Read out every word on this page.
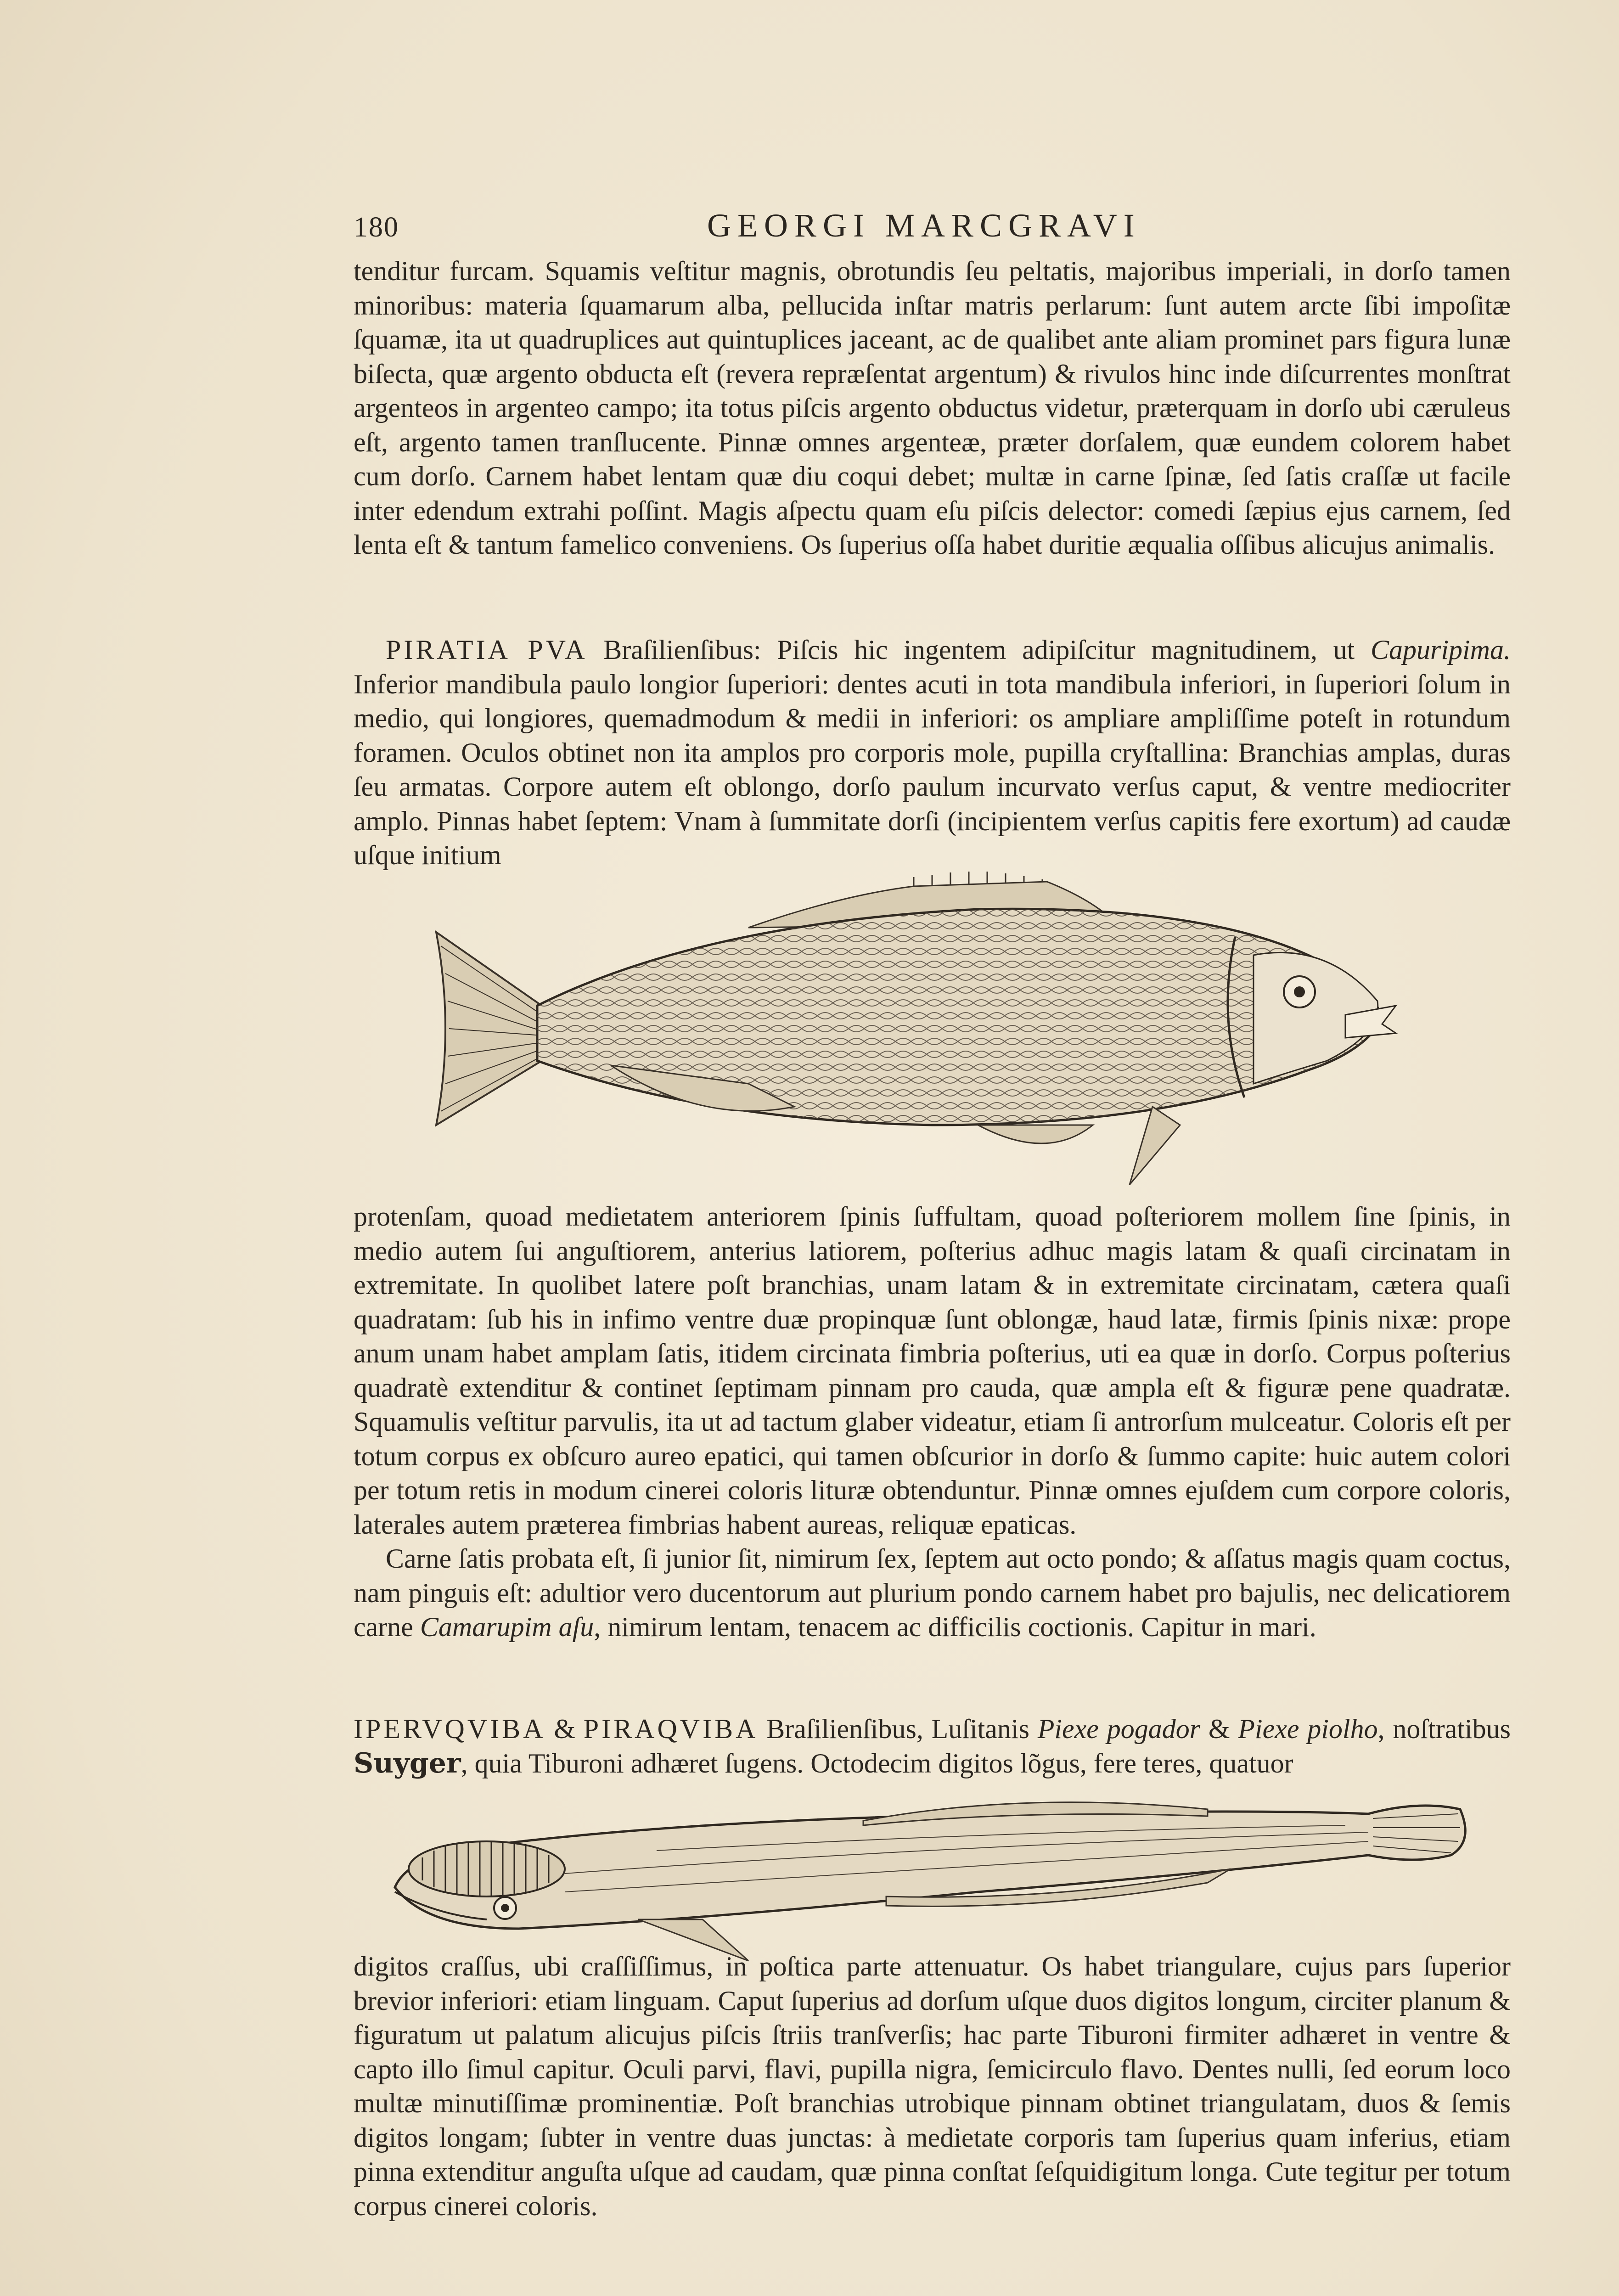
180	GEORGI MARCGRAVI

tenditur furcam. Squamis veſtitur magnis, obrotundis ſeu peltatis, majoribus imperiali, in dorſo tamen minoribus: materia ſquamarum alba, pellucida inſtar matris perlarum: ſunt autem arcte ſibi impoſitæ ſquamæ, ita ut quadruplices aut quintuplices jaceant, ac de qualibet ante aliam prominet pars figura lunæ biſecta, quæ argento obducta eſt (revera repræſentat argentum) & rivulos hinc inde diſcurrentes monſtrat argenteos in argenteo campo; ita totus piſcis argento obductus videtur, præterquam in dorſo ubi cæruleus eſt, argento tamen tranſlucente. Pinnæ omnes argenteæ, præter dorſalem, quæ eundem colorem habet cum dorſo. Carnem habet lentam quæ diu coqui debet; multæ in carne ſpinæ, ſed ſatis craſſæ ut facile inter edendum extrahi poſſint. Magis aſpectu quam eſu piſcis delector: comedi ſæpius ejus carnem, ſed lenta eſt & tantum famelico conveniens. Os ſuperius oſſa habet duritie æqualia oſſibus alicujus animalis.

PIRATIA PVA Braſilienſibus: Piſcis hic ingentem adipiſcitur magnitudinem, ut Capuripima. Inferior mandibula paulo longior ſuperiori: dentes acuti in tota mandibula inferiori, in ſuperiori ſolum in medio, qui longiores, quemadmodum & medii in inferiori: os ampliare ampliſſime poteſt in rotundum foramen. Oculos obtinet non ita amplos pro corporis mole, pupilla cryſtallina: Branchias amplas, duras ſeu armatas. Corpore autem eſt oblongo, dorſo paulum incurvato verſus caput, & ventre mediocriter amplo. Pinnas habet ſeptem: Vnam à ſummitate dorſi (incipientem verſus capitis fere exortum) ad caudæ uſque initium

protenſam, quoad medietatem anteriorem ſpinis ſuffultam, quoad poſteriorem mollem ſine ſpinis, in medio autem ſui anguſtiorem, anterius latiorem, poſterius adhuc magis latam & quaſi circinatam in extremitate. In quolibet latere poſt branchias, unam latam & in extremitate circinatam, cætera quaſi quadratam: ſub his in infimo ventre duæ propinquæ ſunt oblongæ, haud latæ, firmis ſpinis nixæ: prope anum unam habet amplam ſatis, itidem circinata fimbria poſterius, uti ea quæ in dorſo. Corpus poſterius quadratè extenditur & continet ſeptimam pinnam pro cauda, quæ ampla eſt & figuræ pene quadratæ. Squamulis veſtitur parvulis, ita ut ad tactum glaber videatur, etiam ſi antrorſum mulceatur. Coloris eſt per totum corpus ex obſcuro aureo epatici, qui tamen obſcurior in dorſo & ſummo capite: huic autem colori per totum retis in modum cinerei coloris lituræ obtenduntur. Pinnæ omnes ejuſdem cum corpore coloris, laterales autem præterea fimbrias habent aureas, reliquæ epaticas.

Carne ſatis probata eſt, ſi junior ſit, nimirum ſex, ſeptem aut octo pondo; & aſſatus magis quam coctus, nam pinguis eſt: adultior vero ducentorum aut plurium pondo carnem habet pro bajulis, nec delicatiorem carne Camarupim aſu, nimirum lentam, tenacem ac difficilis coctionis. Capitur in mari.

IPERVQVIBA & PIRAQVIBA Braſilienſibus, Luſitanis Piexe pogador & Piexe piolho, noſtratibus Suyger, quia Tiburoni adhæret ſugens. Octodecim digitos lõgus, fere teres, quatuor

digitos craſſus, ubi craſſiſſimus, in poſtica parte attenuatur. Os habet triangulare, cujus pars ſuperior brevior inferiori: etiam linguam. Caput ſuperius ad dorſum uſque duos digitos longum, circiter planum & figuratum ut palatum alicujus piſcis ſtriis tranſverſis; hac parte Tiburoni firmiter adhæret in ventre & capto illo ſimul capitur. Oculi parvi, flavi, pupilla nigra, ſemicirculo flavo. Dentes nulli, ſed eorum loco multæ minutiſſimæ prominentiæ. Poſt branchias utrobique pinnam obtinet triangulatam, duos & ſemis digitos longam; ſubter in ventre duas junctas: à medietate corporis tam ſuperius quam inferius, etiam pinna extenditur anguſta uſque ad caudam, quæ pinna conſtat ſeſquidigitum longa. Cute tegitur per totum corpus cinerei coloris.
